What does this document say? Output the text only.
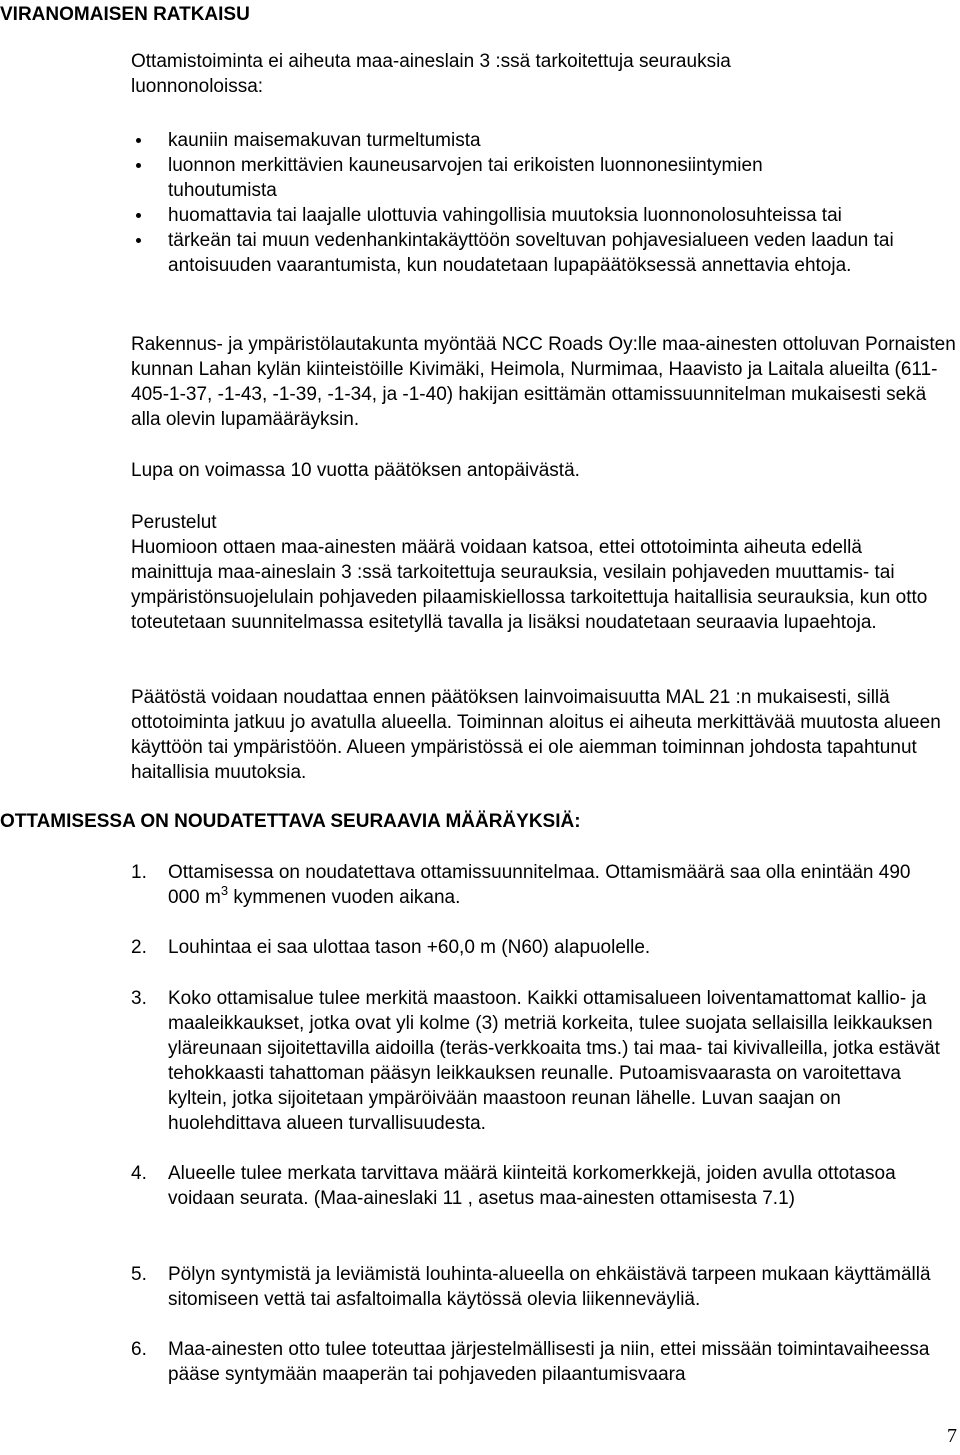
VIRANOMAISEN RATKAISU

Ottamistoiminta ei aiheuta maa-aineslain 3 :ssä tarkoitettuja seurauksia luonnonoloissa:

kauniin maisemakuvan turmeltumista
luonnon merkittävien kauneusarvojen tai erikoisten luonnonesiintymien tuhoutumista
huomattavia tai laajalle ulottuvia vahingollisia muutoksia luonnonolosuhteissa tai
tärkeän tai muun vedenhankintakäyttöön soveltuvan pohjavesialueen veden laadun tai antoisuuden vaarantumista, kun noudatetaan lupapäätöksessä annettavia ehtoja.

Rakennus- ja ympäristölautakunta myöntää NCC Roads Oy:lle maa-ainesten ottoluvan Pornaisten kunnan Lahan kylän kiinteistöille Kivimäki, Heimola, Nurmimaa, Haavisto ja Laitala alueilta (611-405-1-37, -1-43, -1-39, -1-34, ja -1-40) hakijan esittämän ottamissuunnitelman mukaisesti sekä alla olevin lupamääräyksin.

Lupa on voimassa 10 vuotta päätöksen antopäivästä.

Perustelut

Huomioon ottaen maa-ainesten määrä voidaan katsoa, ettei ottotoiminta aiheuta edellä mainittuja maa-aineslain 3 :ssä tarkoitettuja seurauksia, vesilain pohjaveden muuttamis- tai ympäristönsuojelulain pohjaveden pilaamiskiellossa tarkoitettuja haitallisia seurauksia, kun otto toteutetaan suunnitelmassa esitetyllä tavalla ja lisäksi noudatetaan seuraavia lupaehtoja.

Päätöstä voidaan noudattaa ennen päätöksen lainvoimaisuutta MAL 21 :n mukaisesti, sillä ottotoiminta jatkuu jo avatulla alueella. Toiminnan aloitus ei aiheuta merkittävää muutosta alueen käyttöön tai ympäristöön. Alueen ympäristössä ei ole aiemman toiminnan johdosta tapahtunut haitallisia muutoksia.

OTTAMISESSA ON NOUDATETTAVA SEURAAVIA MÄÄRÄYKSIÄ:
1. Ottamisessa on noudatettava ottamissuunnitelmaa. Ottamismäärä saa olla enintään 490 000 $m^3$ kymmenen vuoden aikana.
2. Louhintaa ei saa ulottaa tason +60,0 m (N60) alapuolelle.
3. Koko ottamisalue tulee merkitä maastoon. Kaikki ottamisalueen loiventamattomat kallio- ja maaleikkaukset, jotka ovat yli kolme (3) metriä korkeita, tulee suojata sellaisilla leikkauksen yläreunaan sijoitettavilla aidoilla (teräs-verkkoaita tms.) tai maa- tai kivivalleilla, jotka estävät tehokkaasti tahattoman pääsyn leikkauksen reunalle. Putoamisvaarasta on varoitettava kyltein, jotka sijoitetaan ympäröivään maastoon reunan lähelle. Luvan saajan on huolehdittava alueen turvallisuudesta.
4. Alueelle tulee merkata tarvittava määrä kiinteitä korkomerkkejä, joiden avulla ottotasoa voidaan seurata. (Maa-aineslaki 11 , asetus maa-ainesten ottamisesta 7.1)
5. Pölyn syntymistä ja leviämistä louhinta-alueella on ehkäistävä tarpeen mukaan käyttämällä sitomiseen vettä tai asfaltoimalla käytössä olevia liikenneväyliä.
6. Maa-ainesten otto tulee toteuttaa järjestelmällisesti ja niin, ettei missään toimintavaiheessa pääse syntymään maaperän tai pohjaveden pilaantumisvaara
7
